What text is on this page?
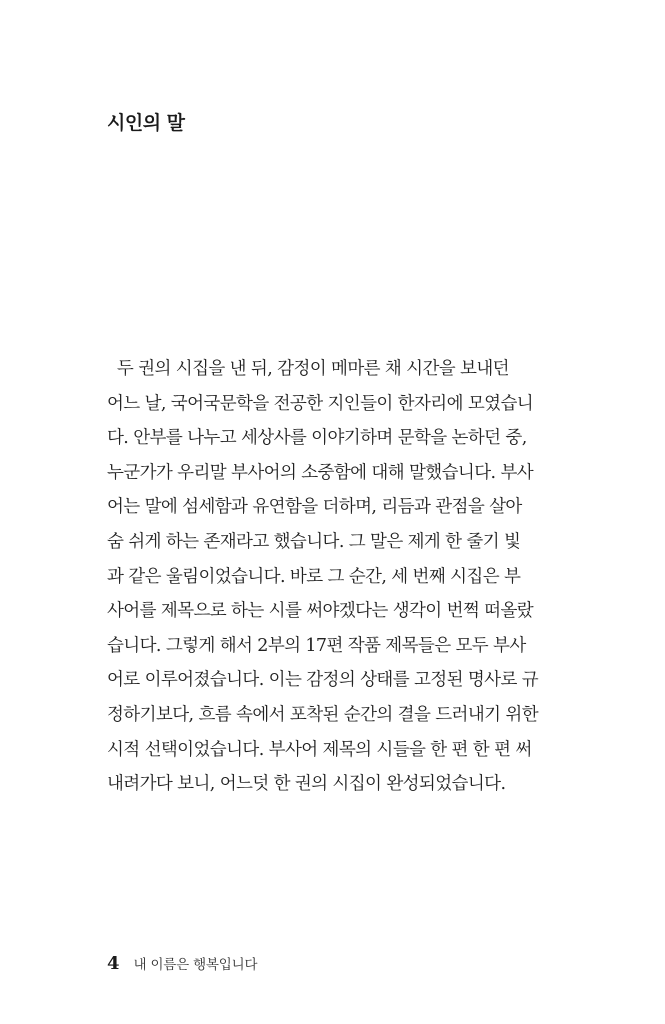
시인의 말
두 권의 시집을 낸 뒤, 감정이 메마른 채 시간을 보내던
어느 날, 국어국문학을 전공한 지인들이 한자리에 모였습니
다. 안부를 나누고 세상사를 이야기하며 문학을 논하던 중,
누군가가 우리말 부사어의 소중함에 대해 말했습니다. 부사
어는 말에 섬세함과 유연함을 더하며, 리듬과 관점을 살아
숨 쉬게 하는 존재라고 했습니다. 그 말은 제게 한 줄기 빛
과 같은 울림이었습니다. 바로 그 순간, 세 번째 시집은 부
사어를 제목으로 하는 시를 써야겠다는 생각이 번쩍 떠올랐
습니다. 그렇게 해서 2부의 17편 작품 제목들은 모두 부사
어로 이루어졌습니다. 이는 감정의 상태를 고정된 명사로 규
정하기보다, 흐름 속에서 포착된 순간의 결을 드러내기 위한
시적 선택이었습니다. 부사어 제목의 시들을 한 편 한 편 써
내려가다 보니, 어느덧 한 권의 시집이 완성되었습니다.
4 내 이름은 행복입니다
